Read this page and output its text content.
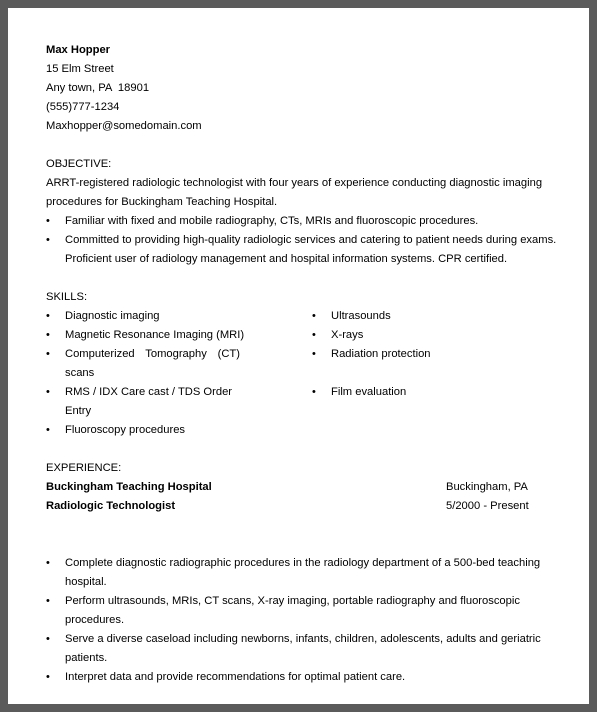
Max Hopper
15 Elm Street
Any town, PA  18901
(555)777-1234
Maxhopper@somedomain.com
OBJECTIVE:
ARRT-registered radiologic technologist with four years of experience conducting diagnostic imaging procedures for Buckingham Teaching Hospital.
• Familiar with fixed and mobile radiography, CTs, MRIs and fluoroscopic procedures.
• Committed to providing high-quality radiologic services and catering to patient needs during exams. Proficient user of radiology management and hospital information systems. CPR certified.
SKILLS:
• Diagnostic imaging
• Magnetic Resonance Imaging (MRI)
• Computerized Tomography (CT) scans
• RMS / IDX Care cast / TDS Order Entry
• Fluoroscopy procedures
• Ultrasounds
• X-rays
• Radiation protection
• Film evaluation
EXPERIENCE:
Buckingham Teaching Hospital	Buckingham, PA
Radiologic Technologist	5/2000 - Present
• Complete diagnostic radiographic procedures in the radiology department of a 500-bed teaching hospital.
• Perform ultrasounds, MRIs, CT scans, X-ray imaging, portable radiography and fluoroscopic procedures.
• Serve a diverse caseload including newborns, infants, children, adolescents, adults and geriatric patients.
• Interpret data and provide recommendations for optimal patient care.
